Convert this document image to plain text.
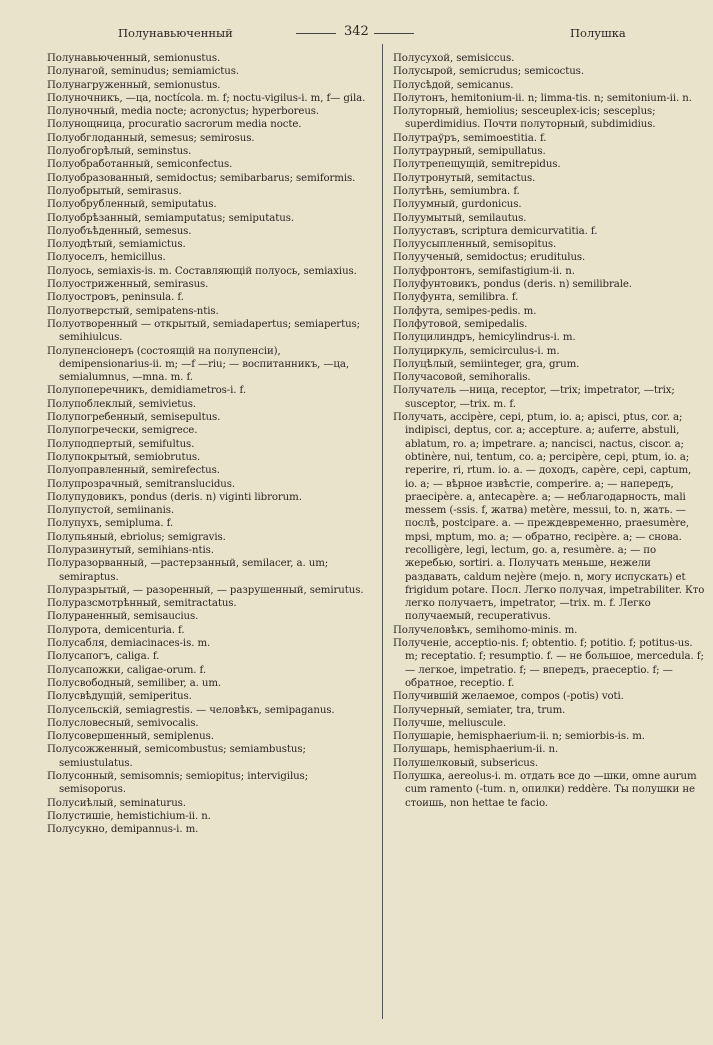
Полунавьюченный	342	Полушка

Полунавьюченный, semionustus.

Полунагой, seminudus; semiamictus.

Полунагруженный, semionustus.

Полуночникъ, —ца, noctícola. m. f; noctu-vigilus-i. m, f— gila.

Полуночный, media nocte; acronyctus; hyperboreus.

Полунощница, procuratio sacrorum media nocte.

Полуобглоданный, semesus; semirosus.

Полуобгорѣлый, seminstus.

Полуобработанный, semiconfectus.

Полуобразованный, semidoctus; semibarbarus; semiformis.

Полуобрытый, semirasus.

Полуобрубленный, semiputatus.

Полуобрѣзанный, semiamputatus; semiputatus.

Полуобъѣденный, semesus.

Полуодѣтый, semiamictus.

Полуоселъ, hemicillus.

Полуось, semiaxis-is. m. Составляющій полуось, semiaxius.

Полуостриженный, semirasus.

Полуостровъ, peninsula. f.

Полуотверстый, semipatens-ntis.

Полуотворенный — открытый, semiadapertus; semiapertus; semihiulcus.

Полупенсіонеръ (состоящій на полупенсіи), demipensionarius-ii. m; —f —riu; — воспитанникъ, —ца, semialumnus, —mna. m. f.

Полупоперечникъ, demidiametros-i. f.

Полупоблеклый, semivietus.

Полупогребенный, semisepultus.

Полупогречески, semigrece.

Полуподпертый, semifultus.

Полупокрытый, semiobrutus.

Полуоправленный, semirefectus.

Полупрозрачный, semitranslucidus.

Полупудовикъ, pondus (deris. n) viginti librorum.

Полупустой, semiinanis.

Полупухъ, semipluma. f.

Полупьяный, ebriolus; semigravis.

Полуразинутый, semihians-ntis.

Полуразорванный, —растерзанный, semilacer, a. um; semiraptus.

Полуразрытый, — разоренный, — разрушенный, semirutus.

Полуразсмотрѣнный, semitractatus.

Полураненный, semisaucius.

Полурота, demicenturia. f.

Полусабля, demiacinaces-is. m.

Полусапогъ, caliga. f.

Полусапожки, caligae-orum. f.

Полусвободный, semiliber, a. um.

Полусвѣдущій, semiperitus.

Полусельскій, semiagrestis. — человѣкъ, semipaganus.

Полусловесный, semivocalis.

Полусовершенный, semiplenus.

Полусожженный, semicombustus; semiambustus; semiustulatus.

Полусонный, semisomnis; semiopitus; intervigilus; semisoporus.

Полусиѣлый, seminaturus.

Полустишіе, hemistichium-ii. n.

Полусукно, demipannus-i. m.

Полусухой, semisiccus.

Полусырой, semicrudus; semicoctus.

Полусѣдой, semicanus.

Полутонъ, hemitonium-ii. n; limma-tis. n; semitonium-ii. n.

Полуторный, hemiolius; sesceuplex-icis; sesceplus; superdimidius. Почти полуторный, subdimidius.

Полутраўръ, semimoestitia. f.

Полутраурный, semipullatus.

Полутрепещущій, semitrepidus.

Полутронутый, semitactus.

Полутѣнь, semiumbra. f.

Полуумный, gurdonicus.

Полуумытый, semilautus.

Полууставъ, scriptura demicurvatitia. f.

Полуусыпленный, semisopitus.

Полуученый, semidoctus; eruditulus.

Полуфронтонъ, semifastigium-ii. n.

Полуфунтовикъ, pondus (deris. n) semilibrale.

Полуфунта, semilibra. f.

Полфута, semipes-pedis. m.

Полфутовой, semipedalis.

Полуцилиндръ, hemicylindrus-i. m.

Полуциркуль, semicirculus-i. m.

Полуцѣлый, semiinteger, gra, grum.

Получасовой, semihoralis.

Получатель —ница, receptor, —trix; impetrator, —trix; susceptor, —trix. m. f.

Получать, accipère, cepi, ptum, io. a; apisci, ptus, cor. a; indipisci, deptus, cor. a; accepture. a; auferre, abstuli, ablatum, ro. a; impetrare. a; nancisci, nactus, ciscor. a; obtinère, nui, tentum, co. a; percipère, cepi, ptum, io. a; reperire, ri, rtum. io. a. — доходъ, capère, cepi, captum, io. a; — вѣрное извѣстіе, comperire. a; — напередъ, praecipère. a, antecapère. a; — неблагодарность, mali messem (-ssis. f, жатва) metère, messui, to. n, жать. — послѣ, postcipare. a. — преждевременно, praesumère, mpsi, mptum, mo. a; — обратно, recipère. a; — снова. recolligère, legi, lectum, go. a, resumère. a; — по жеребью, sortiri. a. Получать меньше, нежели раздавать, caldum nejère (mejo. n, могу испускать) et frigidum potare. Посл. Легко получая, impetrabiliter. Кто легко получаетъ, impetrator, —trix. m. f. Легко получаемый, recuperativus.

Получеловѣкъ, semihomo-minis. m.

Полученіе, acceptio-nis. f; obtentio. f; potitio. f; potitus-us. m; receptatio. f; resumptio. f. — не большое, mercedula. f; — легкое, impetratio. f; — впередъ, praeceptio. f; — обратное, receptio. f.

Получившій желаемое, compos (-potis) voti.

Получерный, semiater, tra, trum.

Получше, meliuscule.

Полушаріе, hemisphaerium-ii. n; semiorbis-is. m.

Полушарь, hemisphaerium-ii. n.

Полушелковый, subsericus.

Полушка, aereolus-i. m. отдать все до —шки, omne aurum cum ramento (-tum. n, опилки) reddère. Ты полушки не стоишь, non hettae te facio.
